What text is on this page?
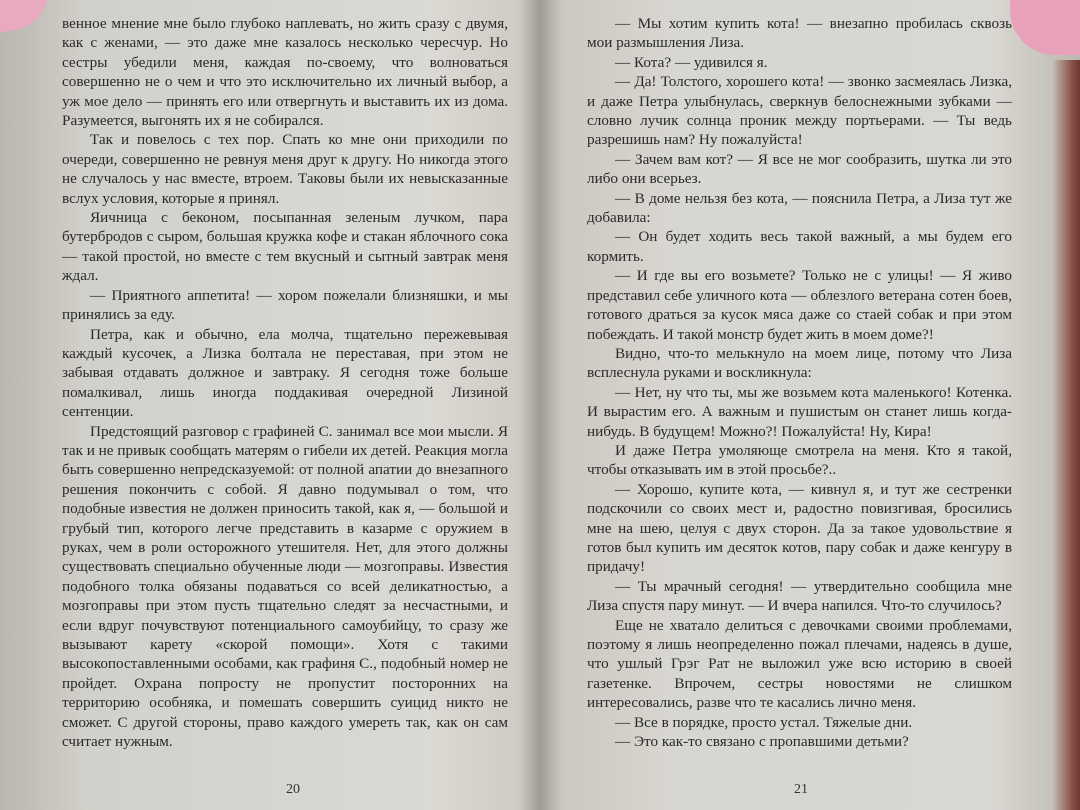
венное мнение мне было глубоко наплевать, но жить сразу с двумя, как с женами, — это даже мне казалось несколько чересчур. Но сестры убедили меня, каждая по-своему, что волноваться совершенно не о чем и что это исключительно их личный выбор, а уж мое дело — принять его или отвергнуть и выставить их из дома. Разумеется, выгонять их я не собирался.

Так и повелось с тех пор. Спать ко мне они приходили по очереди, совершенно не ревнуя меня друг к другу. Но никогда этого не случалось у нас вместе, втроем. Таковы были их невысказанные вслух условия, которые я принял.

Яичница с беконом, посыпанная зеленым лучком, пара бутербродов с сыром, большая кружка кофе и стакан яблочного сока — такой простой, но вместе с тем вкусный и сытный завтрак меня ждал.

— Приятного аппетита! — хором пожелали близняшки, и мы принялись за еду.

Петра, как и обычно, ела молча, тщательно пережевывая каждый кусочек, а Лизка болтала не переставая, при этом не забывая отдавать должное и завтраку. Я сегодня тоже больше помалкивал, лишь иногда поддакивая очередной Лизиной сентенции.

Предстоящий разговор с графиней С. занимал все мои мысли. Я так и не привык сообщать матерям о гибели их детей. Реакция могла быть совершенно непредсказуемой: от полной апатии до внезапного решения покончить с собой. Я давно подумывал о том, что подобные известия не должен приносить такой, как я, — большой и грубый тип, которого легче представить в казарме с оружием в руках, чем в роли осторожного утешителя. Нет, для этого должны существовать специально обученные люди — мозгоправы. Известия подобного толка обязаны подаваться со всей деликатностью, а мозгоправы при этом пусть тщательно следят за несчастными, и если вдруг почувствуют потенциального самоубийцу, то сразу же вызывают карету «скорой помощи». Хотя с такими высокопоставленными особами, как графиня С., подобный номер не пройдет. Охрана попросту не пропустит посторонних на территорию особняка, и помешать совершить суицид никто не сможет. С другой стороны, право каждого умереть так, как он сам считает нужным.

20

— Мы хотим купить кота! — внезапно пробилась сквозь мои размышления Лиза.

— Кота? — удивился я.

— Да! Толстого, хорошего кота! — звонко засмеялась Лизка, и даже Петра улыбнулась, сверкнув белоснежными зубками — словно лучик солнца проник между портьерами. — Ты ведь разрешишь нам? Ну пожалуйста!

— Зачем вам кот? — Я все не мог сообразить, шутка ли это либо они всерьез.

— В доме нельзя без кота, — пояснила Петра, а Лиза тут же добавила:

— Он будет ходить весь такой важный, а мы будем его кормить.

— И где вы его возьмете? Только не с улицы! — Я живо представил себе уличного кота — облезлого ветерана сотен боев, готового драться за кусок мяса даже со стаей собак и при этом побеждать. И такой монстр будет жить в моем доме?!

Видно, что-то мелькнуло на моем лице, потому что Лиза всплеснула руками и воскликнула:

— Нет, ну что ты, мы же возьмем кота маленького! Котенка. И вырастим его. А важным и пушистым он станет лишь когда-нибудь. В будущем! Можно?! Пожалуйста! Ну, Кира!

И даже Петра умоляюще смотрела на меня. Кто я такой, чтобы отказывать им в этой просьбе?..

— Хорошо, купите кота, — кивнул я, и тут же сестренки подскочили со своих мест и, радостно повизгивая, бросились мне на шею, целуя с двух сторон. Да за такое удовольствие я готов был купить им десяток котов, пару собак и даже кенгуру в придачу!

— Ты мрачный сегодня! — утвердительно сообщила мне Лиза спустя пару минут. — И вчера напился. Что-то случилось?

Еще не хватало делиться с девочками своими проблемами, поэтому я лишь неопределенно пожал плечами, надеясь в душе, что ушлый Грэг Рат не выложил уже всю историю в своей газетенке. Впрочем, сестры новостями не слишком интересовались, разве что те касались лично меня.

— Все в порядке, просто устал. Тяжелые дни.

— Это как-то связано с пропавшими детьми?

21
